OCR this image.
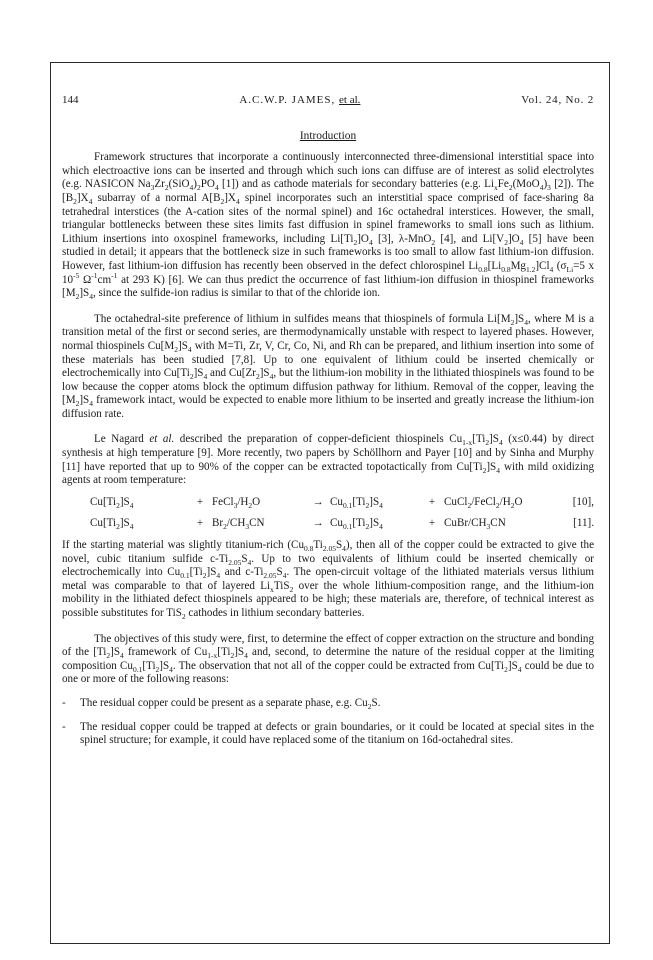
144	A.C.W.P. JAMES, et al.	Vol. 24, No. 2
Introduction

Framework structures that incorporate a continuously interconnected three-dimensional interstitial space into which electroactive ions can be inserted and through which such ions can diffuse are of interest as solid electrolytes (e.g. NASICON $Na_3Zr_2(SiO_4)_2PO_4$ [1]) and as cathode materials for secondary batteries (e.g. $Li_xFe_2(MoO_4)_3$ [2]). The $[B_2]X_4$ subarray of a normal $A[B_2]X_4$ spinel incorporates such an interstitial space comprised of face-sharing 8a tetrahedral interstices (the A-cation sites of the normal spinel) and 16c octahedral interstices. However, the small, triangular bottlenecks between these sites limits fast diffusion in spinel frameworks to small ions such as lithium. Lithium insertions into oxospinel frameworks, including $Li[Ti_2]O_4$ [3], λ-MnO$_2$ [4], and $Li[V_2]O_4$ [5] have been studied in detail; it appears that the bottleneck size in such frameworks is too small to allow fast lithium-ion diffusion. However, fast lithium-ion diffusion has recently been observed in the defect chlorospinel $Li_{0.8}[Li_{0.8}Mg_{1.2}]Cl_4$ ($\sigma_{Li}=5$ x $10^{-5}$ $\Omega^{-1}cm^{-1}$ at 293 K) [6]. We can thus predict the occurrence of fast lithium-ion diffusion in thiospinel frameworks $[M_2]S_4$, since the sulfide-ion radius is similar to that of the chloride ion.

The octahedral-site preference of lithium in sulfides means that thiospinels of formula $Li[M_2]S_4$, where M is a transition metal of the first or second series, are thermodynamically unstable with respect to layered phases. However, normal thiospinels $Cu[M_2]S_4$ with M=Ti, Zr, V, Cr, Co, Ni, and Rh can be prepared, and lithium insertion into some of these materials has been studied [7,8]. Up to one equivalent of lithium could be inserted chemically or electrochemically into $Cu[Ti_2]S_4$ and $Cu[Zr_2]S_4$, but the lithium-ion mobility in the lithiated thiospinels was found to be low because the copper atoms block the optimum diffusion pathway for lithium. Removal of the copper, leaving the $[M_2]S_4$ framework intact, would be expected to enable more lithium to be inserted and greatly increase the lithium-ion diffusion rate.

Le Nagard et al. described the preparation of copper-deficient thiospinels $Cu_{1-x}[Ti_2]S_4$ (x≤0.44) by direct synthesis at high temperature [9]. More recently, two papers by Schöllhorn and Payer [10] and by Sinha and Murphy [11] have reported that up to 90% of the copper can be extracted topotactically from $Cu[Ti_2]S_4$ with mild oxidizing agents at room temperature:

$Cu[Ti_2]S_4$	+ $FeCl_3/H_2O$	→ $Cu_{0.1}[Ti_2]S_4$	+ $CuCl_2/FeCl_2/H_2O$	[10],
$Cu[Ti_2]S_4$	+ $Br_2/CH_3CN$	→ $Cu_{0.1}[Ti_2]S_4$	+ CuBr/$CH_3CN$	[11].

If the starting material was slightly titanium-rich $(Cu_{0.8}Ti_{2.05}S_4)$, then all of the copper could be extracted to give the novel, cubic titanium sulfide $c-Ti_{2.05}S_4$. Up to two equivalents of lithium could be inserted chemically or electrochemically into $Cu_{0.1}[Ti_2]S_4$ and $c-Ti_{2.05}S_4$. The open-circuit voltage of the lithiated materials versus lithium metal was comparable to that of layered $Li_xTiS_2$ over the whole lithium-composition range, and the lithium-ion mobility in the lithiated defect thiospinels appeared to be high; these materials are, therefore, of technical interest as possible substitutes for TiS$_2$ cathodes in lithium secondary batteries.

The objectives of this study were, first, to determine the effect of copper extraction on the structure and bonding of the $[Ti_2]S_4$ framework of $Cu_{1-x}[Ti_2]S_4$ and, second, to determine the nature of the residual copper at the limiting composition $Cu_{0.1}[Ti_2]S_4$. The observation that not all of the copper could be extracted from $Cu[Ti_2]S_4$ could be due to one or more of the following reasons:

- The residual copper could be present as a separate phase, e.g. $Cu_2S$.
- The residual copper could be trapped at defects or grain boundaries, or it could be located at special sites in the spinel structure; for example, it could have replaced some of the titanium on 16d-octahedral sites.
